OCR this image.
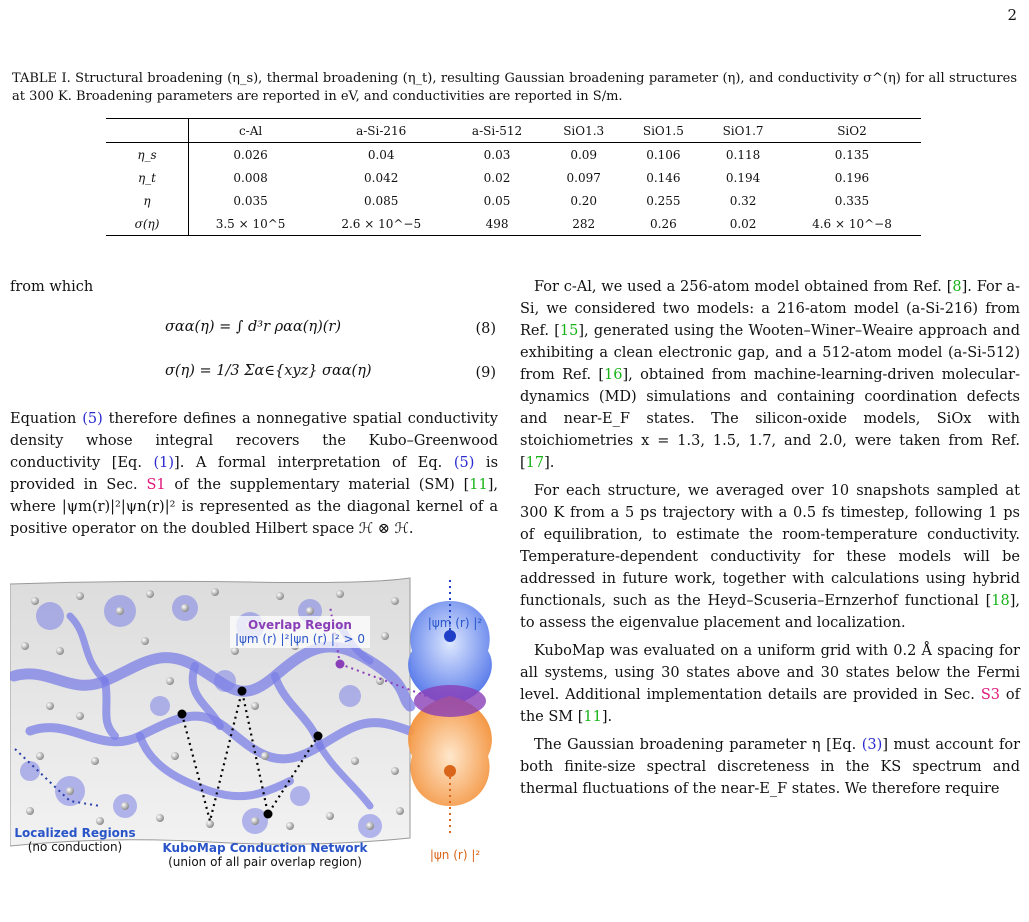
2
TABLE I. Structural broadening (η_s), thermal broadening (η_t), resulting Gaussian broadening parameter (η), and conductivity σ^(η) for all structures at 300 K. Broadening parameters are reported in eV, and conductivities are reported in S/m.
	c-Al	a-Si-216	a-Si-512	SiO1.3	SiO1.5	SiO1.7	SiO2
η_s	0.026	0.04	0.03	0.09	0.106	0.118	0.135
η_t	0.008	0.042	0.02	0.097	0.146	0.194	0.196
η	0.035	0.085	0.05	0.20	0.255	0.32	0.335
σ(η)	3.5 × 10^5	2.6 × 10^−5	498	282	0.26	0.02	4.6 × 10^−8

from which

σαα(η) = ∫ d³r ραα(η)(r)	(8)
σ(η) = 1/3 Σα∈{xyz} σαα(η)	(9)

Equation (5) therefore defines a nonnegative spatial conductivity density whose integral recovers the Kubo–Greenwood conductivity [Eq. (1)]. A formal interpretation of Eq. (5) is provided in Sec. S1 of the supplementary material (SM) [11], where |ψm(r)|²|ψn(r)|² is represented as the diagonal kernel of a positive operator on the doubled Hilbert space ℋ ⊗ ℋ.

Overlap Region
|ψm (r) |²|ψn (r) |² > 0
|ψm (r) |²
|ψn (r) |²
Localized Regions
(no conduction)	KuboMap Conduction Network
(union of all pair overlap region)

For c-Al, we used a 256-atom model obtained from Ref. [8]. For a-Si, we considered two models: a 216-atom model (a-Si-216) from Ref. [15], generated using the Wooten–Winer–Weaire approach and exhibiting a clean electronic gap, and a 512-atom model (a-Si-512) from Ref. [16], obtained from machine-learning-driven molecular-dynamics (MD) simulations and containing coordination defects and near-E_F states. The silicon-oxide models, SiOx with stoichiometries x = 1.3, 1.5, 1.7, and 2.0, were taken from Ref. [17].

For each structure, we averaged over 10 snapshots sampled at 300 K from a 5 ps trajectory with a 0.5 fs timestep, following 1 ps of equilibration, to estimate the room-temperature conductivity. Temperature-dependent conductivity for these models will be addressed in future work, together with calculations using hybrid functionals, such as the Heyd–Scuseria–Ernzerhof functional [18], to assess the eigenvalue placement and localization.

KuboMap was evaluated on a uniform grid with 0.2 Å spacing for all systems, using 30 states above and 30 states below the Fermi level. Additional implementation details are provided in Sec. S3 of the SM [11].

The Gaussian broadening parameter η [Eq. (3)] must account for both finite-size spectral discreteness in the KS spectrum and thermal fluctuations of the near-E_F states. We therefore require
